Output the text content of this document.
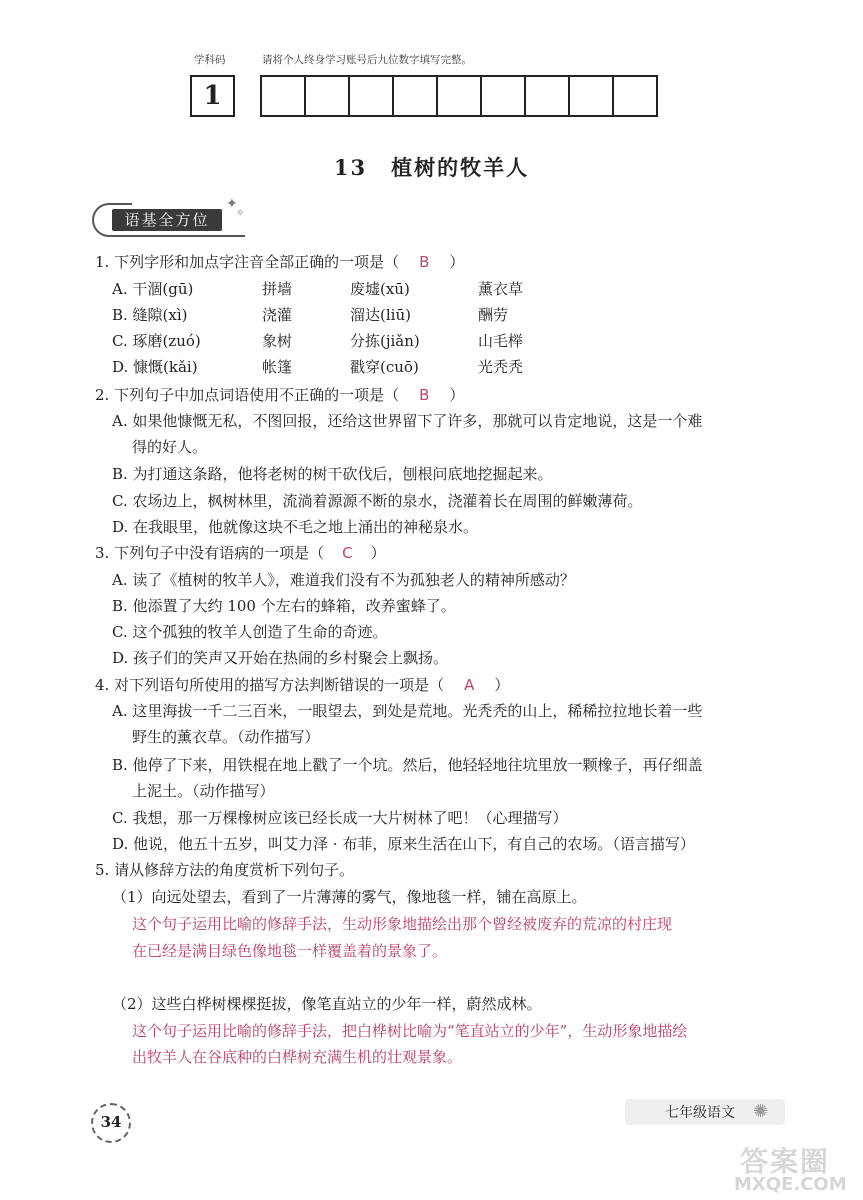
学科码	请将个人终身学习账号后九位数字填写完整。
1
13 植树的牧羊人
语基全方位
✦
✧
1. 下列字形和加点字注音全部正确的一项是（ B ）
A. 干涸(gū)	拼墙	废墟(xū)	薰衣草
B. 缝隙(xì)	浇灌	溜达(liū)	酬劳
C. 琢磨(zuó)	象树	分拣(jiǎn)	山毛榉
D. 慷慨(kǎi)	帐篷	戳穿(cuō)	光秃秃
2. 下列句子中加点词语使用不正确的一项是（ B ）
A. 如果他慷慨无私，不图回报，还给这世界留下了许多，那就可以肯定地说，这是一个难
得的好人。
B. 为打通这条路，他将老树的树干砍伐后，刨根问底地挖掘起来。
C. 农场边上，枫树林里，流淌着源源不断的泉水，浇灌着长在周围的鲜嫩薄荷。
D. 在我眼里，他就像这块不毛之地上涌出的神秘泉水。
3. 下列句子中没有语病的一项是（ C ）
A. 读了《植树的牧羊人》，难道我们没有不为孤独老人的精神所感动？
B. 他添置了大约 100 个左右的蜂箱，改养蜜蜂了。
C. 这个孤独的牧羊人创造了生命的奇迹。
D. 孩子们的笑声又开始在热闹的乡村聚会上飘扬。
4. 对下列语句所使用的描写方法判断错误的一项是（ A ）
A. 这里海拔一千二三百米，一眼望去，到处是荒地。光秃秃的山上，稀稀拉拉地长着一些
野生的薰衣草。（动作描写）
B. 他停了下来，用铁棍在地上戳了一个坑。然后，他轻轻地往坑里放一颗橡子，再仔细盖
上泥土。（动作描写）
C. 我想，那一万棵橡树应该已经长成一大片树林了吧！（心理描写）
D. 他说，他五十五岁，叫艾力泽 · 布菲，原来生活在山下，有自己的农场。（语言描写）
5. 请从修辞方法的角度赏析下列句子。
（1）向远处望去，看到了一片薄薄的雾气，像地毯一样，铺在高原上。
这个句子运用比喻的修辞手法，生动形象地描绘出那个曾经被废弃的荒凉的村庄现
在已经是满目绿色像地毯一样覆盖着的景象了。
（2）这些白桦树棵棵挺拔，像笔直站立的少年一样，蔚然成林。
这个句子运用比喻的修辞手法，把白桦树比喻为“笔直站立的少年”，生动形象地描绘
出牧羊人在谷底种的白桦树充满生机的壮观景象。
34	七年级语文 ✺
答案圈
MXQE.COM
